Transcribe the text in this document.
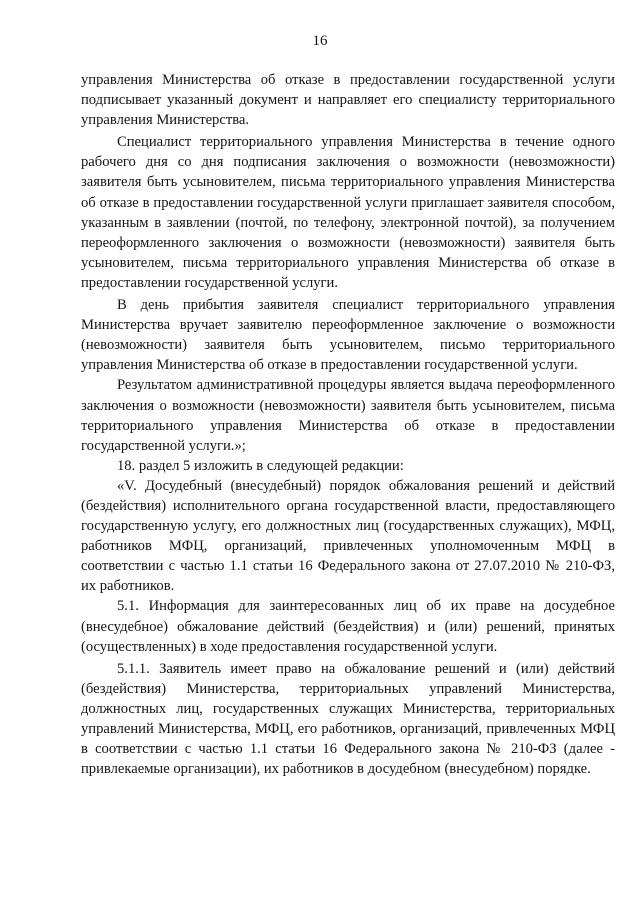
16

управления Министерства об отказе в предоставлении государственной услуги подписывает указанный документ и направляет его специалисту территориального управления Министерства.

Специалист территориального управления Министерства в течение одного рабочего дня со дня подписания заключения о возможности (невозможности) заявителя быть усыновителем, письма территориального управления Министерства об отказе в предоставлении государственной услуги приглашает заявителя способом, указанным в заявлении (почтой, по телефону, электронной почтой), за получением переоформленного заключения о возможности (невозможности) заявителя быть усыновителем, письма территориального управления Министерства об отказе в предоставлении государственной услуги.

В день прибытия заявителя специалист территориального управления Министерства вручает заявителю переоформленное заключение о возможности (невозможности) заявителя быть усыновителем, письмо территориального управления Министерства об отказе в предоставлении государственной услуги.

Результатом административной процедуры является выдача переоформленного заключения о возможности (невозможности) заявителя быть усыновителем, письма территориального управления Министерства об отказе в предоставлении государственной услуги.»;

18. раздел 5 изложить в следующей редакции:

«V. Досудебный (внесудебный) порядок обжалования решений и действий (бездействия) исполнительного органа государственной власти, предоставляющего государственную услугу, его должностных лиц (государственных служащих), МФЦ, работников МФЦ, организаций, привлеченных уполномоченным МФЦ в соответствии с частью 1.1 статьи 16 Федерального закона от 27.07.2010 № 210-ФЗ, их работников.

5.1. Информация для заинтересованных лиц об их праве на досудебное (внесудебное) обжалование действий (бездействия) и (или) решений, принятых (осуществленных) в ходе предоставления государственной услуги.

5.1.1. Заявитель имеет право на обжалование решений и (или) действий (бездействия) Министерства, территориальных управлений Министерства, должностных лиц, государственных служащих Министерства, территориальных управлений Министерства, МФЦ, его работников, организаций, привлеченных МФЦ в соответствии с частью 1.1 статьи 16 Федерального закона № 210-ФЗ (далее - привлекаемые организации), их работников в досудебном (внесудебном) порядке.
